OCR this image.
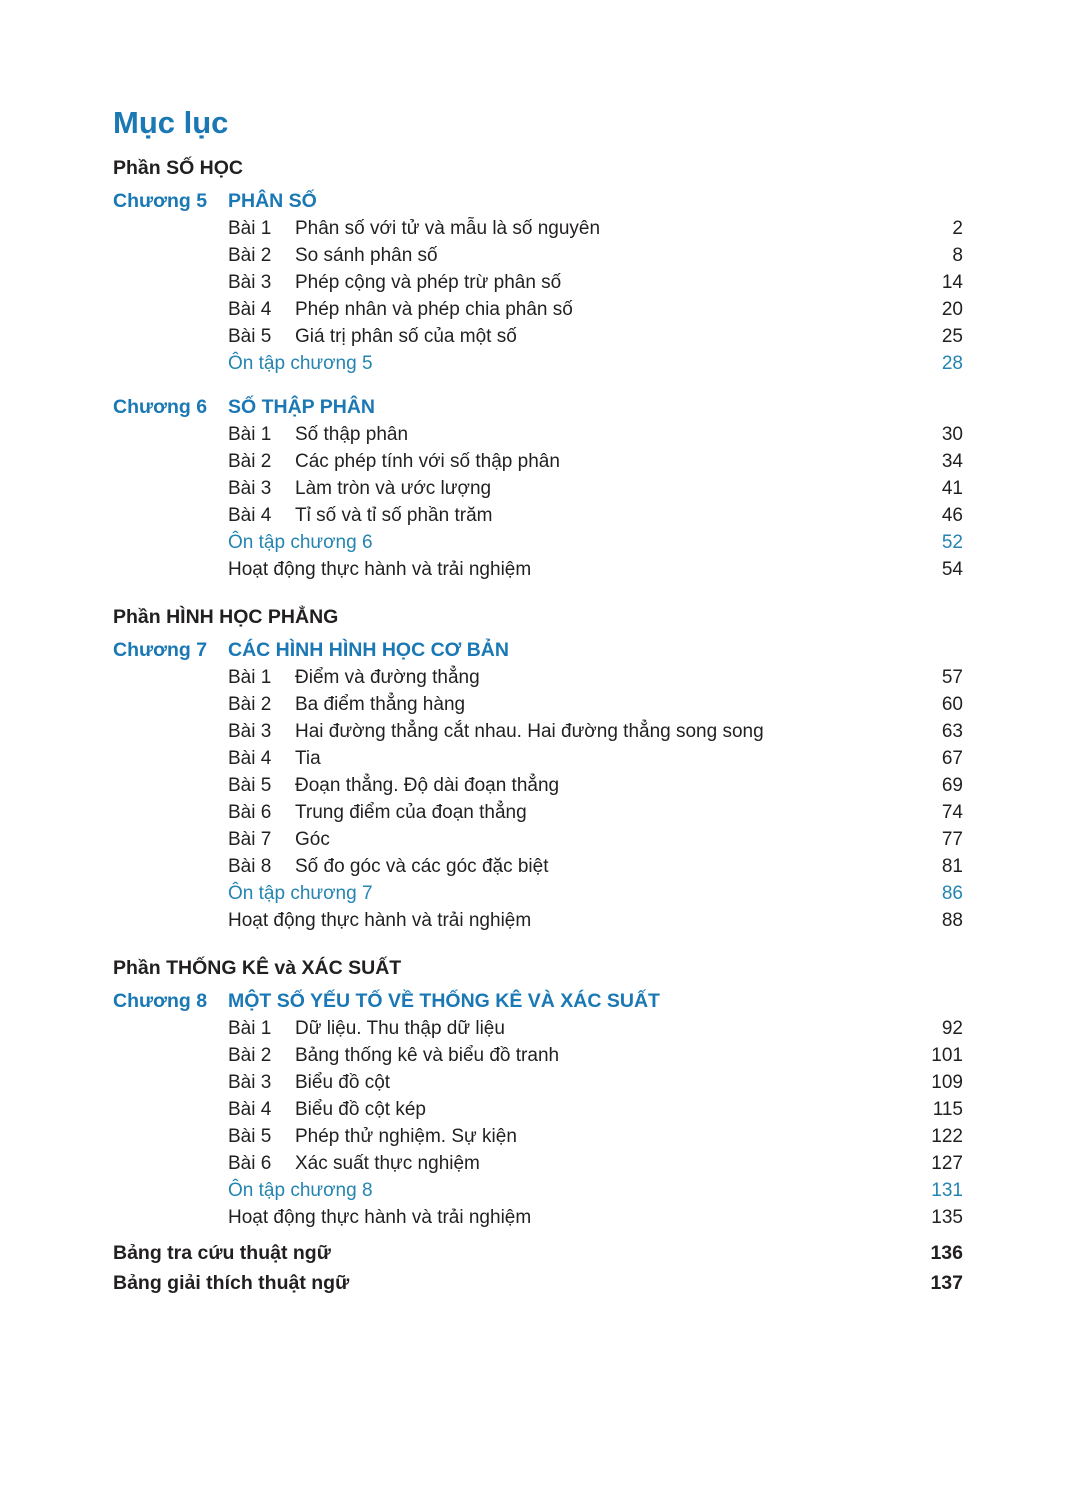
Mục lục
Phần SỐ HỌC
Chương 5	PHÂN SỐ
Bài 1	Phân số với tử và mẫu là số nguyên	2
Bài 2	So sánh phân số	8
Bài 3	Phép cộng và phép trừ phân số	14
Bài 4	Phép nhân và phép chia phân số	20
Bài 5	Giá trị phân số của một số	25
Ôn tập chương 5	28
Chương 6	SỐ THẬP PHÂN
Bài 1	Số thập phân	30
Bài 2	Các phép tính với số thập phân	34
Bài 3	Làm tròn và ước lượng	41
Bài 4	Tỉ số và tỉ số phần trăm	46
Ôn tập chương 6	52
Hoạt động thực hành và trải nghiệm	54
Phần HÌNH HỌC PHẲNG
Chương 7	CÁC HÌNH HÌNH HỌC CƠ BẢN
Bài 1	Điểm và đường thẳng	57
Bài 2	Ba điểm thẳng hàng	60
Bài 3	Hai đường thẳng cắt nhau. Hai đường thẳng song song	63
Bài 4	Tia	67
Bài 5	Đoạn thẳng. Độ dài đoạn thẳng	69
Bài 6	Trung điểm của đoạn thẳng	74
Bài 7	Góc	77
Bài 8	Số đo góc và các góc đặc biệt	81
Ôn tập chương 7	86
Hoạt động thực hành và trải nghiệm	88
Phần THỐNG KÊ và XÁC SUẤT
Chương 8	MỘT SỐ YẾU TỐ VỀ THỐNG KÊ VÀ XÁC SUẤT
Bài 1	Dữ liệu. Thu thập dữ liệu	92
Bài 2	Bảng thống kê và biểu đồ tranh	101
Bài 3	Biểu đồ cột	109
Bài 4	Biểu đồ cột kép	115
Bài 5	Phép thử nghiệm. Sự kiện	122
Bài 6	Xác suất thực nghiệm	127
Ôn tập chương 8	131
Hoạt động thực hành và trải nghiệm	135
Bảng tra cứu thuật ngữ	136
Bảng giải thích thuật ngữ	137
